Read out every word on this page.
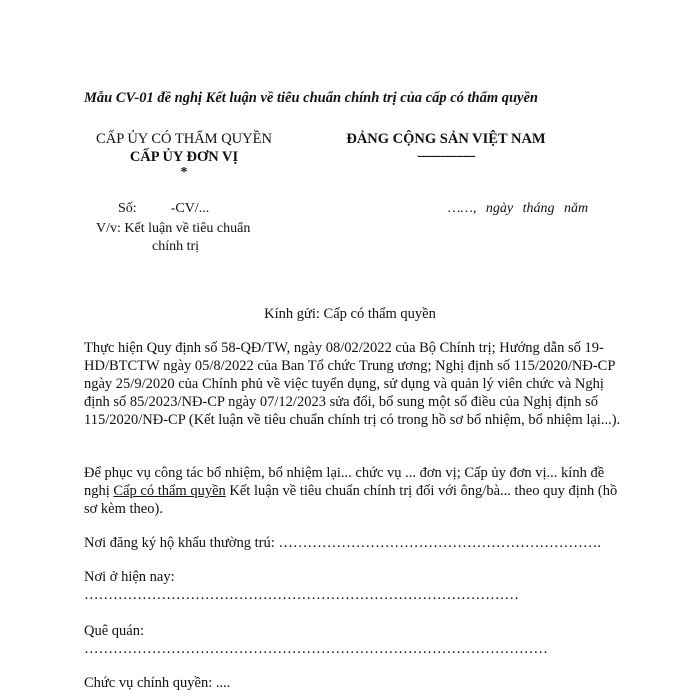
Mẫu CV-01 đề nghị Kết luận về tiêu chuẩn chính trị của cấp có thẩm quyền
CẤP ỦY CÓ THẨM QUYỀN
CẤP ỦY ĐƠN VỊ
*
ĐẢNG CỘNG SẢN VIỆT NAM
---------------
Số: -CV/...	……, ngày tháng năm
V/v: Kết luận về tiêu chuẩn
chính trị
Kính gửi: Cấp có thẩm quyền
Thực hiện Quy định số 58-QĐ/TW, ngày 08/02/2022 của Bộ Chính trị; Hướng dẫn số 19-HD/BTCTW ngày 05/8/2022 của Ban Tổ chức Trung ương; Nghị định số 115/2020/NĐ-CP ngày 25/9/2020 của Chính phủ về việc tuyển dụng, sử dụng và quản lý viên chức và Nghị định số 85/2023/NĐ-CP ngày 07/12/2023 sửa đổi, bổ sung một số điều của Nghị định số 115/2020/NĐ-CP (Kết luận về tiêu chuẩn chính trị có trong hồ sơ bổ nhiệm, bổ nhiệm lại...).
Để phục vụ công tác bổ nhiệm, bổ nhiệm lại... chức vụ ... đơn vị; Cấp ủy đơn vị... kính đề nghị Cấp có thẩm quyền Kết luận về tiêu chuẩn chính trị đối với ông/bà... theo quy định (hồ sơ kèm theo).
Nơi đăng ký hộ khẩu thường trú: ………………………………………………………….
Nơi ở hiện nay:
………………………………………………………………………………
Quê quán:
……………………………………………………………………………………
Chức vụ chính quyền: ....
